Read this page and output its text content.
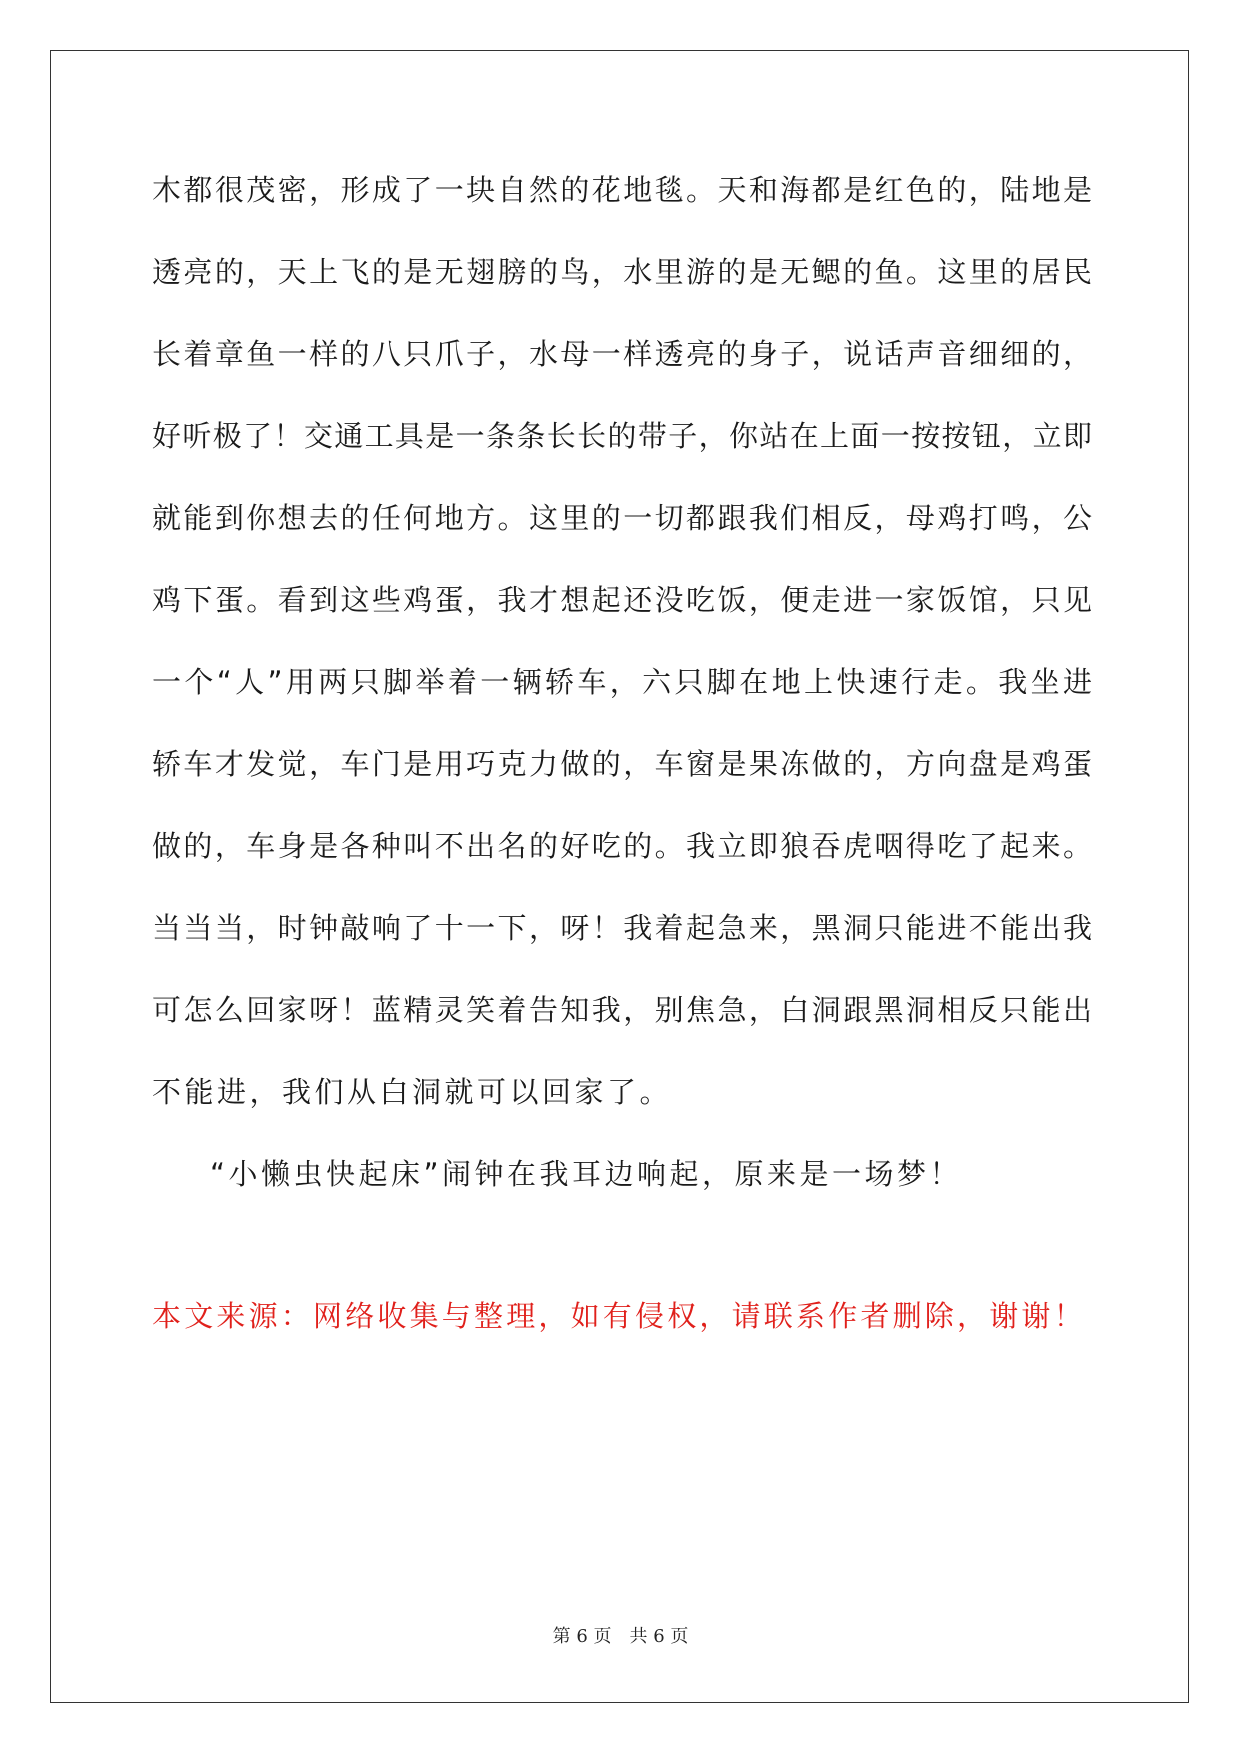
木都很茂密，形成了一块自然的花地毯。天和海都是红色的，陆地是
透亮的，天上飞的是无翅膀的鸟，水里游的是无鳃的鱼。这里的居民
长着章鱼一样的八只爪子，水母一样透亮的身子，说话声音细细的，
好听极了！交通工具是一条条长长的带子，你站在上面一按按钮，立即
就能到你想去的任何地方。这里的一切都跟我们相反，母鸡打鸣，公
鸡下蛋。看到这些鸡蛋，我才想起还没吃饭，便走进一家饭馆，只见
一个“人”用两只脚举着一辆轿车，六只脚在地上快速行走。我坐进
轿车才发觉，车门是用巧克力做的，车窗是果冻做的，方向盘是鸡蛋
做的，车身是各种叫不出名的好吃的。我立即狼吞虎咽得吃了起来。
当当当，时钟敲响了十一下，呀！我着起急来，黑洞只能进不能出我
可怎么回家呀！蓝精灵笑着告知我，别焦急，白洞跟黑洞相反只能出
不能进，我们从白洞就可以回家了。
“小懒虫快起床”闹钟在我耳边响起，原来是一场梦！
本文来源：网络收集与整理，如有侵权，请联系作者删除，谢谢！
第 6 页　共 6 页
